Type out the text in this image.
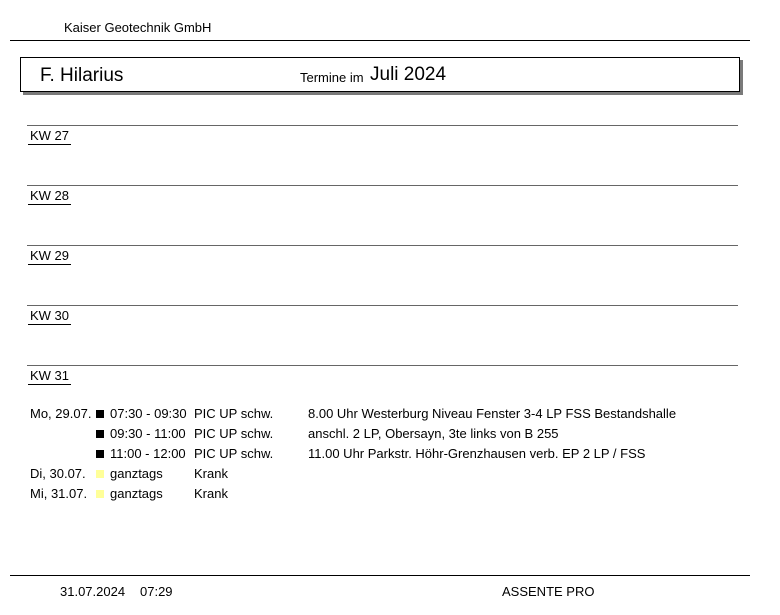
Kaiser Geotechnik GmbH
F. Hilarius	Termine im Juli 2024
KW 27
KW 28
KW 29
KW 30
KW 31
Mo, 29.07. 07:30 - 09:30 PIC UP schw.	8.00 Uhr Westerburg Niveau Fenster 3-4 LP FSS Bestandshalle
09:30 - 11:00 PIC UP schw.	anschl. 2 LP, Obersayn, 3te links von B 255
11:00 - 12:00 PIC UP schw.	11.00 Uhr Parkstr. Höhr-Grenzhausen verb. EP 2 LP / FSS
Di, 30.07. ganztags Krank
Mi, 31.07. ganztags Krank
31.07.2024 07:29	ASSENTE PRO
